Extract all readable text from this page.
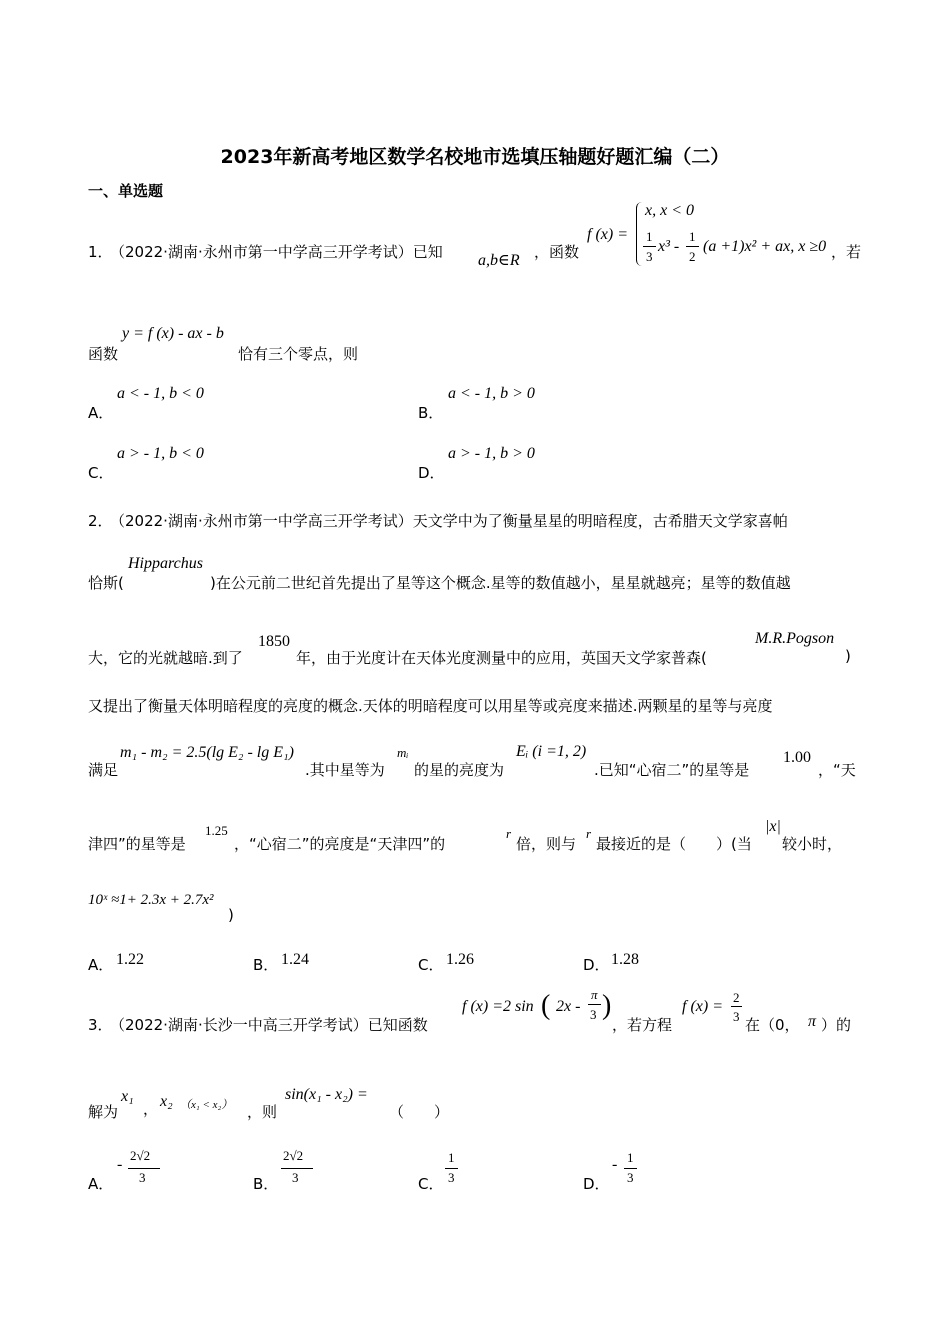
2023年新高考地区数学名校地市选填压轴题好题汇编（二）
一、单选题
1．
（2022·湖南·永州市第一中学高三开学考试）已知 a,b∈R ，函数
f (x) =
x, x < 0
1
3
x³ -
1
2
(a +1)x² + ax, x ≥0 ，若
函数
y = f (x) - ax - b
恰有三个零点，则
A．
a < - 1, b < 0
B．
a < - 1, b > 0
C．
a > - 1, b < 0
D．
a > - 1, b > 0
2．
（2022·湖南·永州市第一中学高三开学考试）天文学中为了衡量星星的明暗程度，古希腊天文学家喜帕
恰斯(
Hipparchus
)在公元前二世纪首先提出了星等这个概念.星等的数值越小，星星就越亮；星等的数值越
大，它的光就越暗.到了
1850
年，由于光度计在天体光度测量中的应用，英国天文学家普森(
M.R.Pogson
)
又提出了衡量天体明暗程度的亮度的概念.天体的明暗程度可以用星等或亮度来描述.两颗星的星等与亮度
满足
m₁ - m₂ = 2.5(lg E₂ - lg E₁)
.其中星等为
mᵢ
的星的亮度为
Eᵢ (i =1, 2)
.已知“心宿二”的星等是
1.00
，“天
津四”的星等是
1.25
，“心宿二”的亮度是“天津四”的
r
倍，则与
r
最接近的是（　　）(当
|x|
较小时，
10ˣ ≈1+ 2.3x + 2.7x²
)
A． 1.22	B． 1.24	C． 1.26	D． 1.28
3．
（2022·湖南·长沙一中高三开学考试）已知函数
f (x) =2 sin ( 2x -
π
3 )
，若方程
f (x) =
2
3 在（0， π ）的
解为
x₁
， x₂ （x₁ < x₂） ，则
sin(x₁ - x₂) =
（　　）
A．
-
2√2
3	B．
2√2
3	C．
1
3	D．
- 1
3
